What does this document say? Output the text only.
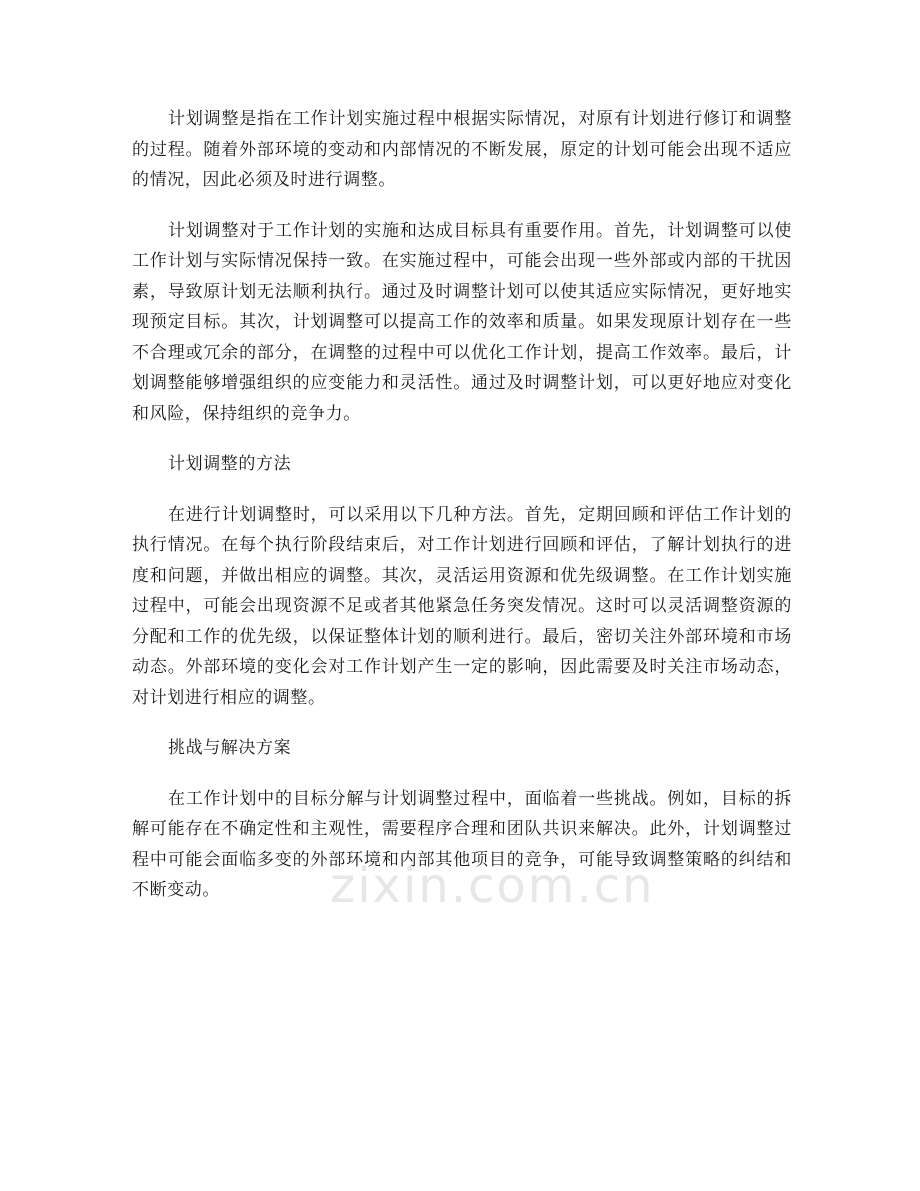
计划调整是指在工作计划实施过程中根据实际情况，对原有计划进行修订和调整的过程。随着外部环境的变动和内部情况的不断发展，原定的计划可能会出现不适应的情况，因此必须及时进行调整。

计划调整对于工作计划的实施和达成目标具有重要作用。首先，计划调整可以使工作计划与实际情况保持一致。在实施过程中，可能会出现一些外部或内部的干扰因素，导致原计划无法顺利执行。通过及时调整计划可以使其适应实际情况，更好地实现预定目标。其次，计划调整可以提高工作的效率和质量。如果发现原计划存在一些不合理或冗余的部分，在调整的过程中可以优化工作计划，提高工作效率。最后，计划调整能够增强组织的应变能力和灵活性。通过及时调整计划，可以更好地应对变化和风险，保持组织的竞争力。

计划调整的方法

在进行计划调整时，可以采用以下几种方法。首先，定期回顾和评估工作计划的执行情况。在每个执行阶段结束后，对工作计划进行回顾和评估，了解计划执行的进度和问题，并做出相应的调整。其次，灵活运用资源和优先级调整。在工作计划实施过程中，可能会出现资源不足或者其他紧急任务突发情况。这时可以灵活调整资源的分配和工作的优先级，以保证整体计划的顺利进行。最后，密切关注外部环境和市场动态。外部环境的变化会对工作计划产生一定的影响，因此需要及时关注市场动态，对计划进行相应的调整。

挑战与解决方案

在工作计划中的目标分解与计划调整过程中，面临着一些挑战。例如，目标的拆解可能存在不确定性和主观性，需要程序合理和团队共识来解决。此外，计划调整过程中可能会面临多变的外部环境和内部其他项目的竞争，可能导致调整策略的纠结和不断变动。	zixin.com.cn
